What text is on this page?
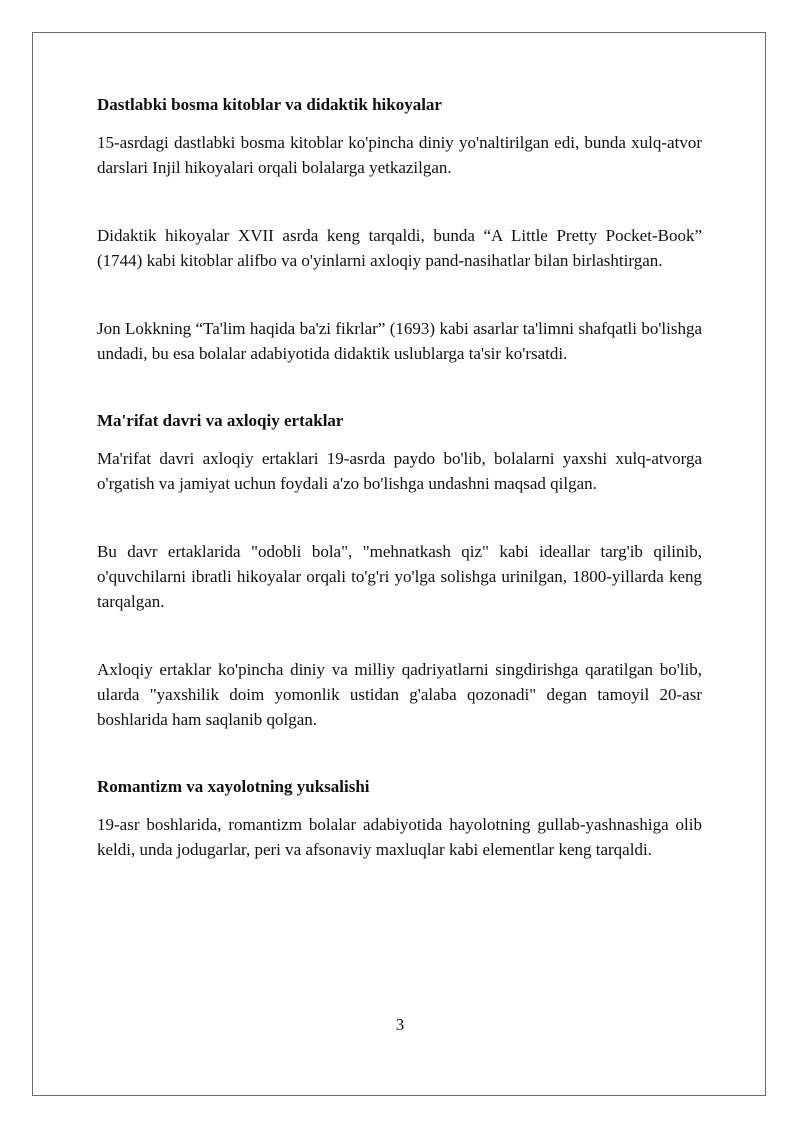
Dastlabki bosma kitoblar va didaktik hikoyalar

15-asrdagi dastlabki bosma kitoblar ko'pincha diniy yo'naltirilgan edi, bunda xulq-atvor darslari Injil hikoyalari orqali bolalarga yetkazilgan.

Didaktik hikoyalar XVII asrda keng tarqaldi, bunda “A Little Pretty Pocket-Book” (1744) kabi kitoblar alifbo va o'yinlarni axloqiy pand-nasihatlar bilan birlashtirgan.

Jon Lokkning “Ta'lim haqida ba'zi fikrlar” (1693) kabi asarlar ta'limni shafqatli bo'lishga undadi, bu esa bolalar adabiyotida didaktik uslublarga ta'sir ko'rsatdi.

Ma'rifat davri va axloqiy ertaklar

Ma'rifat davri axloqiy ertaklari 19-asrda paydo bo'lib, bolalarni yaxshi xulq-atvorga o'rgatish va jamiyat uchun foydali a'zo bo'lishga undashni maqsad qilgan.

Bu davr ertaklarida "odobli bola", "mehnatkash qiz" kabi ideallar targ'ib qilinib, o'quvchilarni ibratli hikoyalar orqali to'g'ri yo'lga solishga urinilgan, 1800-yillarda keng tarqalgan.

Axloqiy ertaklar ko'pincha diniy va milliy qadriyatlarni singdirishga qaratilgan bo'lib, ularda "yaxshilik doim yomonlik ustidan g'alaba qozonadi" degan tamoyil 20-asr boshlarida ham saqlanib qolgan.

Romantizm va xayolotning yuksalishi

19-asr boshlarida, romantizm bolalar adabiyotida hayolotning gullab-yashnashiga olib keldi, unda jodugarlar, peri va afsonaviy maxluqlar kabi elementlar keng tarqaldi.

3
